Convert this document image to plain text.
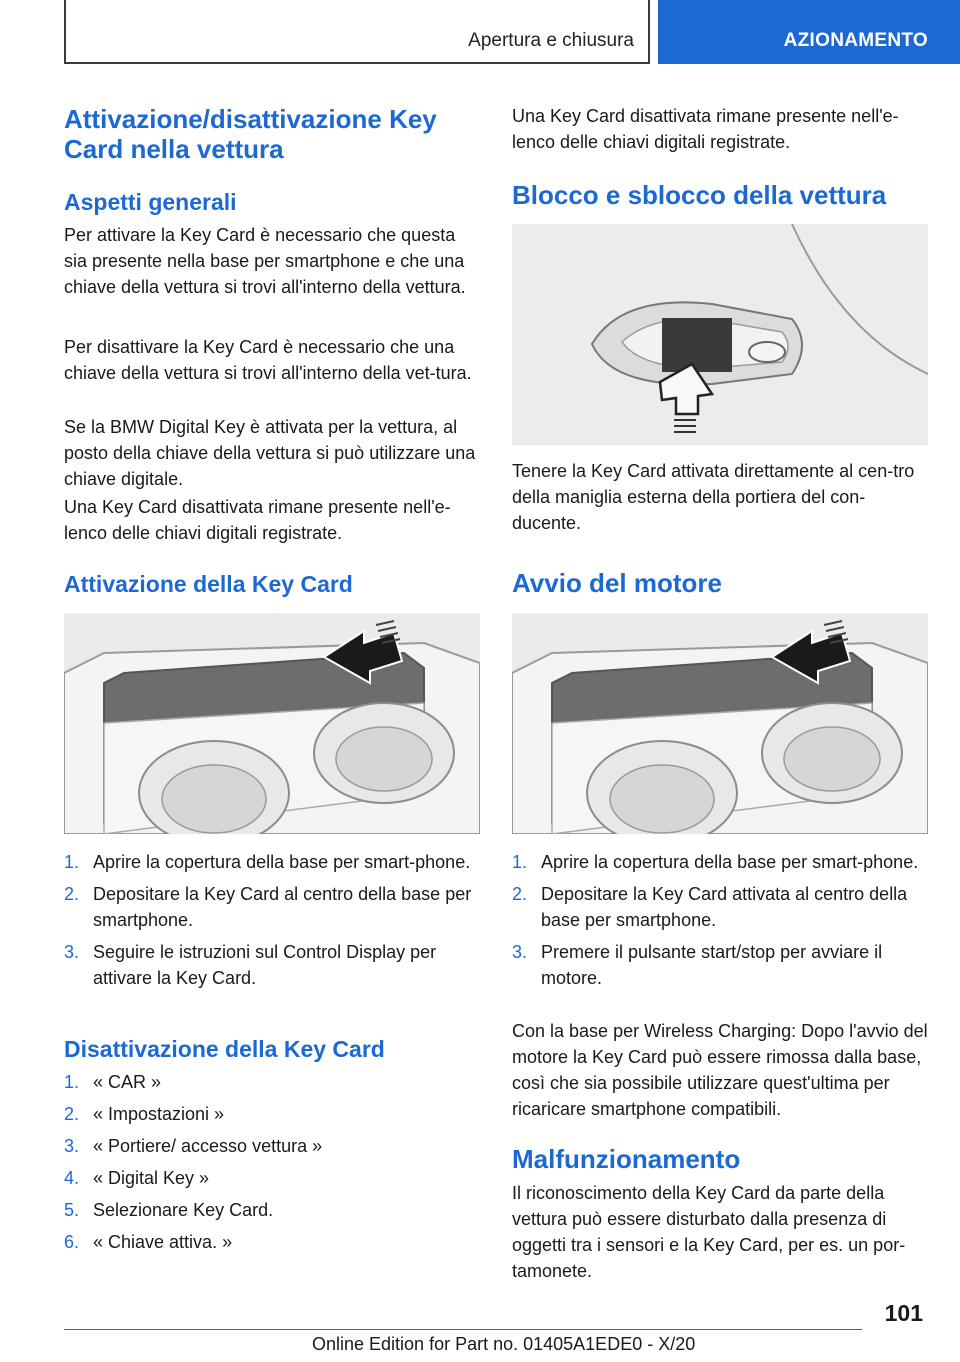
Apertura e chiusura	AZIONAMENTO
Attivazione/disattivazione Key Card nella vettura
Aspetti generali
Per attivare la Key Card è necessario che questa sia presente nella base per smartphone e che una chiave della vettura si trovi all'interno della vettura.
Per disattivare la Key Card è necessario che una chiave della vettura si trovi all'interno della vet-tura.
Se la BMW Digital Key è attivata per la vettura, al posto della chiave della vettura si può utilizzare una chiave digitale.
Una Key Card disattivata rimane presente nell'e-lenco delle chiavi digitali registrate.
Attivazione della Key Card
1. Aprire la copertura della base per smart-phone.
2. Depositare la Key Card al centro della base per smartphone.
3. Seguire le istruzioni sul Control Display per attivare la Key Card.
Disattivazione della Key Card
1. « CAR »
2. « Impostazioni »
3. « Portiere/ accesso vettura »
4. « Digital Key »
5. Selezionare Key Card.
6. « Chiave attiva. »
Una Key Card disattivata rimane presente nell'e-lenco delle chiavi digitali registrate.
Blocco e sblocco della vettura
Tenere la Key Card attivata direttamente al cen-tro della maniglia esterna della portiera del con-ducente.
Avvio del motore
1. Aprire la copertura della base per smart-phone.
2. Depositare la Key Card attivata al centro della base per smartphone.
3. Premere il pulsante start/stop per avviare il motore.
Con la base per Wireless Charging: Dopo l'avvio del motore la Key Card può essere rimossa dalla base, così che sia possibile utilizzare quest'ultima per ricaricare smartphone compatibili.
Malfunzionamento
Il riconoscimento della Key Card da parte della vettura può essere disturbato dalla presenza di oggetti tra i sensori e la Key Card, per es. un por-tamonete.
101
Online Edition for Part no. 01405A1EDE0 - X/20
